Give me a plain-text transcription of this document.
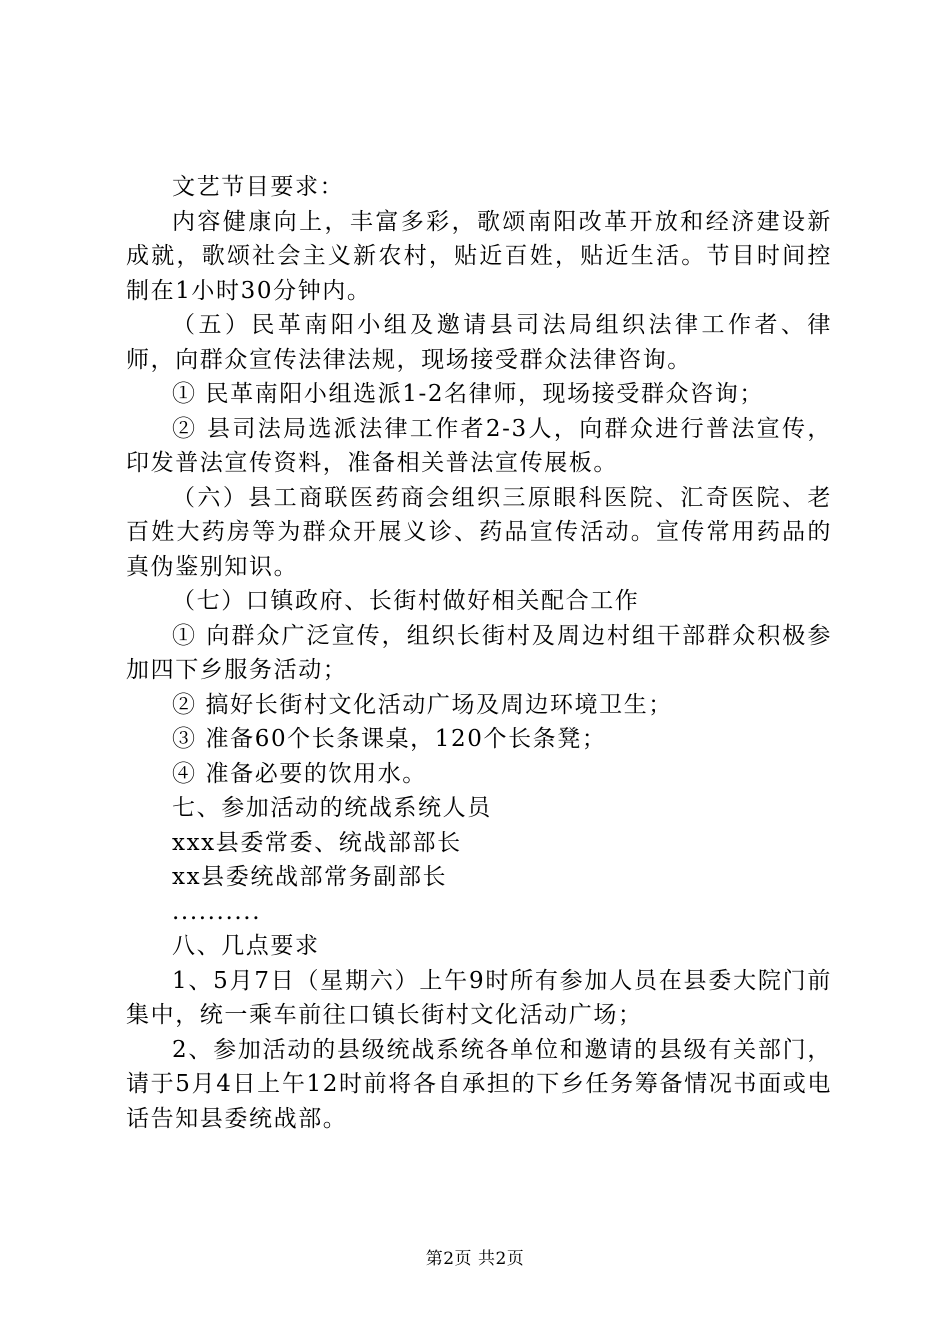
文艺节目要求：

内容健康向上，丰富多彩，歌颂南阳改革开放和经济建设新成就，歌颂社会主义新农村，贴近百姓，贴近生活。节目时间控制在1小时30分钟内。

（五）民革南阳小组及邀请县司法局组织法律工作者、律师，向群众宣传法律法规，现场接受群众法律咨询。

① 民革南阳小组选派1-2名律师，现场接受群众咨询；

② 县司法局选派法律工作者2-3人，向群众进行普法宣传，印发普法宣传资料，准备相关普法宣传展板。

（六）县工商联医药商会组织三原眼科医院、汇奇医院、老百姓大药房等为群众开展义诊、药品宣传活动。宣传常用药品的真伪鉴别知识。

（七）口镇政府、长街村做好相关配合工作

① 向群众广泛宣传，组织长街村及周边村组干部群众积极参加四下乡服务活动；

② 搞好长街村文化活动广场及周边环境卫生；

③ 准备60个长条课桌，120个长条凳；

④ 准备必要的饮用水。

七、参加活动的统战系统人员

xxx县委常委、统战部部长

xx县委统战部常务副部长

..........

八、几点要求

1、5月7日（星期六）上午9时所有参加人员在县委大院门前集中，统一乘车前往口镇长街村文化活动广场；

2、参加活动的县级统战系统各单位和邀请的县级有关部门，请于5月4日上午12时前将各自承担的下乡任务筹备情况书面或电话告知县委统战部。

第2页 共2页
